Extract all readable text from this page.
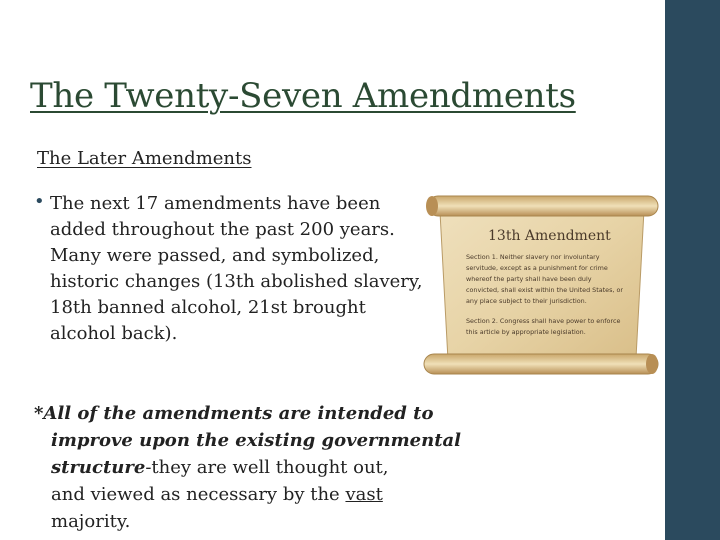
The Twenty-Seven Amendments
The Later Amendments
• The next 17 amendments have been added throughout the past 200 years. Many were passed, and symbolized, historic changes (13th abolished slavery, 18th banned alcohol, 21st brought alcohol back).

13th Amendment

Section 1. Neither slavery nor involuntary servitude, except as a punishment for crime whereof the party shall have been duly convicted, shall exist within the United States, or any place subject to their jurisdiction.

Section 2. Congress shall have power to enforce this article by appropriate legislation.

*All of the amendments are intended to
improve upon the existing governmental
structure-they are well thought out,
and viewed as necessary by the vast
majority.
